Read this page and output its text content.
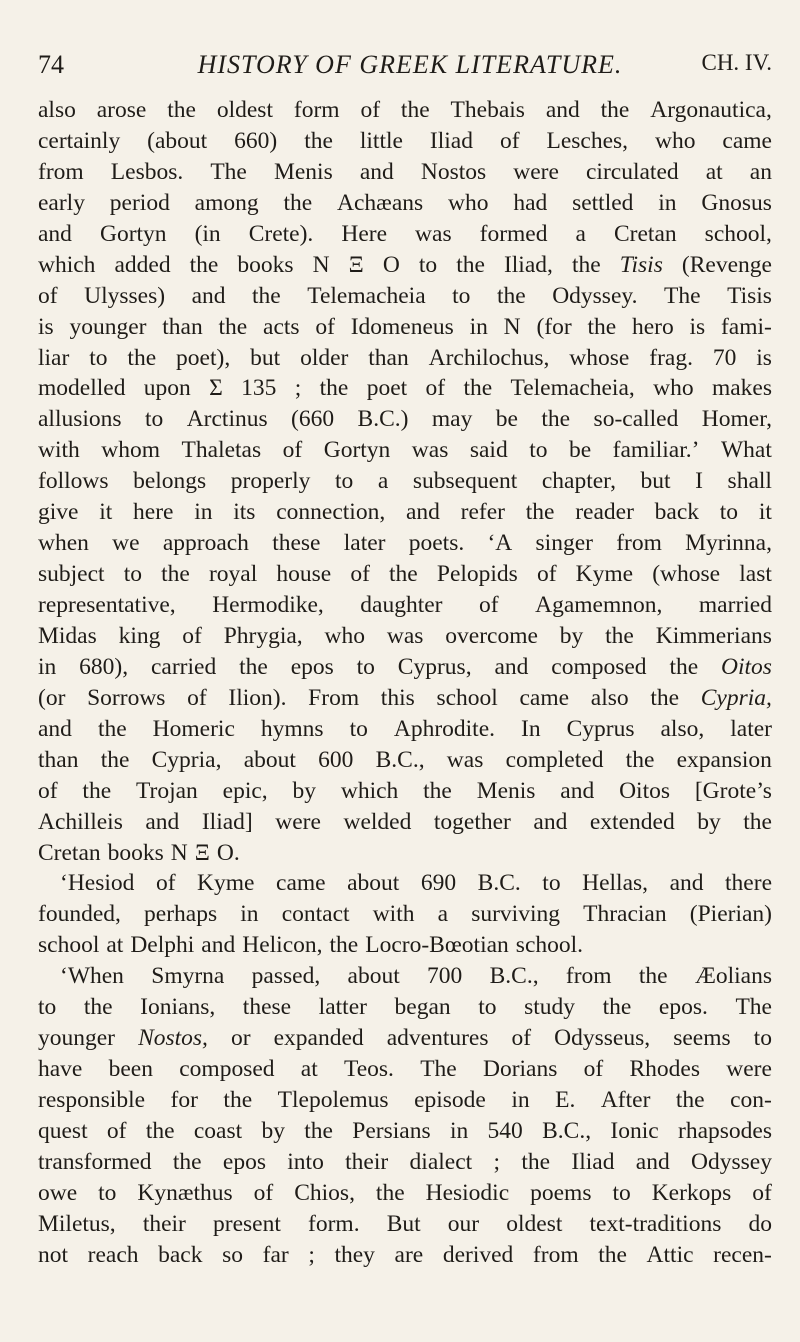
74	HISTORY OF GREEK LITERATURE.	CH. IV.
also arose the oldest form of the Thebais and the Argonautica,
certainly (about 660) the little Iliad of Lesches, who came
from Lesbos. The Menis and Nostos were circulated at an
early period among the Achæans who had settled in Gnosus
and Gortyn (in Crete). Here was formed a Cretan school,
which added the books N Ξ O to the Iliad, the Tisis (Revenge
of Ulysses) and the Telemacheia to the Odyssey. The Tisis
is younger than the acts of Idomeneus in N (for the hero is fami-
liar to the poet), but older than Archilochus, whose frag. 70 is
modelled upon Σ 135 ; the poet of the Telemacheia, who makes
allusions to Arctinus (660 B.C.) may be the so-called Homer,
with whom Thaletas of Gortyn was said to be familiar.’ What
follows belongs properly to a subsequent chapter, but I shall
give it here in its connection, and refer the reader back to it
when we approach these later poets. ‘A singer from Myrinna,
subject to the royal house of the Pelopids of Kyme (whose last
representative, Hermodike, daughter of Agamemnon, married
Midas king of Phrygia, who was overcome by the Kimmerians
in 680), carried the epos to Cyprus, and composed the Oitos
(or Sorrows of Ilion). From this school came also the Cypria,
and the Homeric hymns to Aphrodite. In Cyprus also, later
than the Cypria, about 600 B.C., was completed the expansion
of the Trojan epic, by which the Menis and Oitos [Grote’s
Achilleis and Iliad] were welded together and extended by the
Cretan books N Ξ O.
‘Hesiod of Kyme came about 690 B.C. to Hellas, and there
founded, perhaps in contact with a surviving Thracian (Pierian)
school at Delphi and Helicon, the Locro-Bœotian school.
‘When Smyrna passed, about 700 B.C., from the Æolians
to the Ionians, these latter began to study the epos. The
younger Nostos, or expanded adventures of Odysseus, seems to
have been composed at Teos. The Dorians of Rhodes were
responsible for the Tlepolemus episode in E. After the con-
quest of the coast by the Persians in 540 B.C., Ionic rhapsodes
transformed the epos into their dialect ; the Iliad and Odyssey
owe to Kynæthus of Chios, the Hesiodic poems to Kerkops of
Miletus, their present form. But our oldest text-traditions do
not reach back so far ; they are derived from the Attic recen-
